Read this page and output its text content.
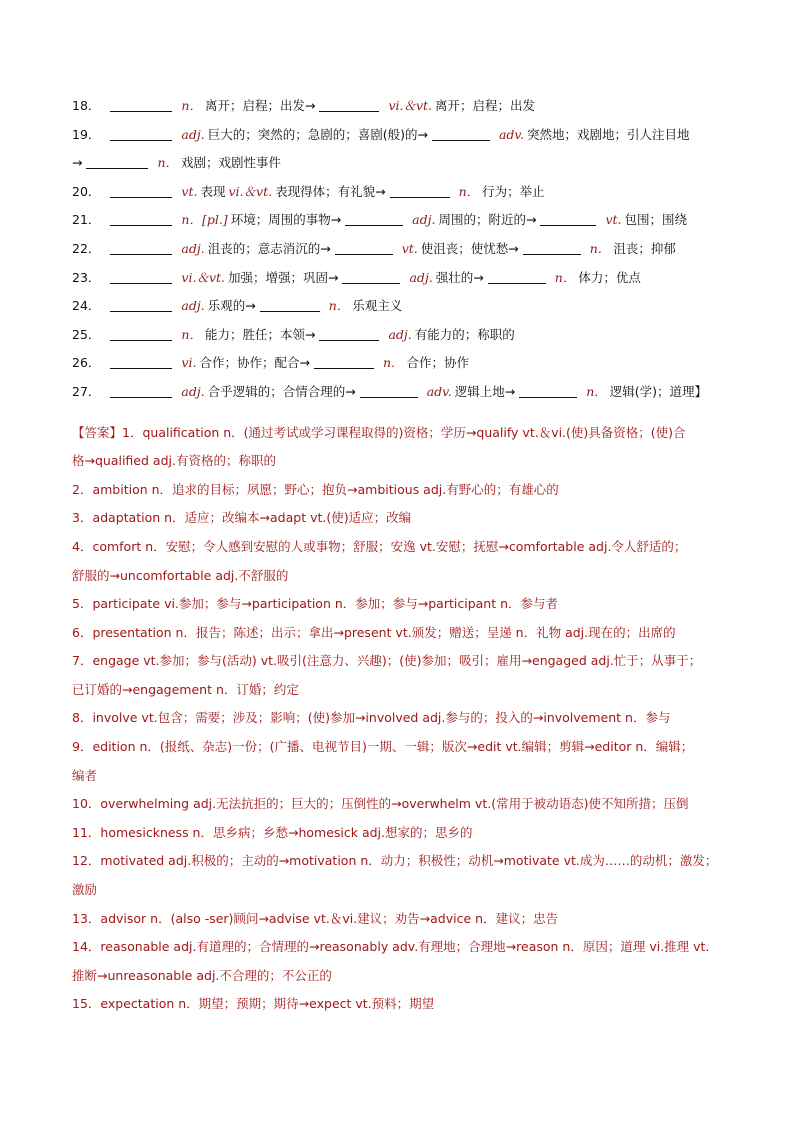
18．	n． 离开；启程；出发→	vi.＆vt. 离开；启程；出发
19．	adj. 巨大的；突然的；急剧的；喜剧(般)的→	adv. 突然地；戏剧地；引人注目地
→	n． 戏剧；戏剧性事件
20．	vt. 表现 vi.＆vt. 表现得体；有礼貌→	n． 行为；举止
21．	n．[pl.] 环境；周围的事物→	adj. 周围的；附近的→	vt. 包围；围绕
22．	adj. 沮丧的；意志消沉的→	vt. 使沮丧；使忧愁→	n． 沮丧；抑郁
23．	vi.＆vt. 加强；增强；巩固→	adj. 强壮的→	n． 体力；优点
24．	adj. 乐观的→	n． 乐观主义
25．	n． 能力；胜任；本领→	adj. 有能力的；称职的
26．	vi. 合作；协作；配合→	n． 合作；协作
27．	adj. 合乎逻辑的；合情合理的→	adv. 逻辑上地→	n． 逻辑(学)；道理】
【答案】1．qualification n．(通过考试或学习课程取得的)资格；学历→qualify vt.＆vi.(使)具备资格；(使)合
格→qualified adj.有资格的；称职的
2．ambition n．追求的目标；夙愿；野心；抱负→ambitious adj.有野心的；有雄心的
3．adaptation n．适应；改编本→adapt vt.(使)适应；改编
4．comfort n．安慰；令人感到安慰的人或事物；舒服；安逸 vt.安慰；抚慰→comfortable adj.令人舒适的；
舒服的→uncomfortable adj.不舒服的
5．participate vi.参加；参与→participation n．参加；参与→participant n．参与者
6．presentation n．报告；陈述；出示；拿出→present vt.颁发；赠送；呈递 n．礼物 adj.现在的；出席的
7．engage vt.参加；参与(活动) vt.吸引(注意力、兴趣)；(使)参加；吸引；雇用→engaged adj.忙于；从事于；
已订婚的→engagement n．订婚；约定
8．involve vt.包含；需要；涉及；影响；(使)参加→involved adj.参与的；投入的→involvement n．参与
9．edition n．(报纸、杂志)一份；(广播、电视节目)一期、一辑；版次→edit vt.编辑；剪辑→editor n．编辑；
编者
10．overwhelming adj.无法抗拒的；巨大的；压倒性的→overwhelm vt.(常用于被动语态)使不知所措；压倒
11．homesickness n．思乡病；乡愁→homesick adj.想家的；思乡的
12．motivated adj.积极的；主动的→motivation n．动力；积极性；动机→motivate vt.成为……的动机；激发；
激励
13．advisor n．(also -ser)顾问→advise vt.＆vi.建议；劝告→advice n．建议；忠告
14．reasonable adj.有道理的；合情理的→reasonably adv.有理地；合理地→reason n．原因；道理 vi.推理 vt.
推断→unreasonable adj.不合理的；不公正的
15．expectation n．期望；预期；期待→expect vt.预料；期望
